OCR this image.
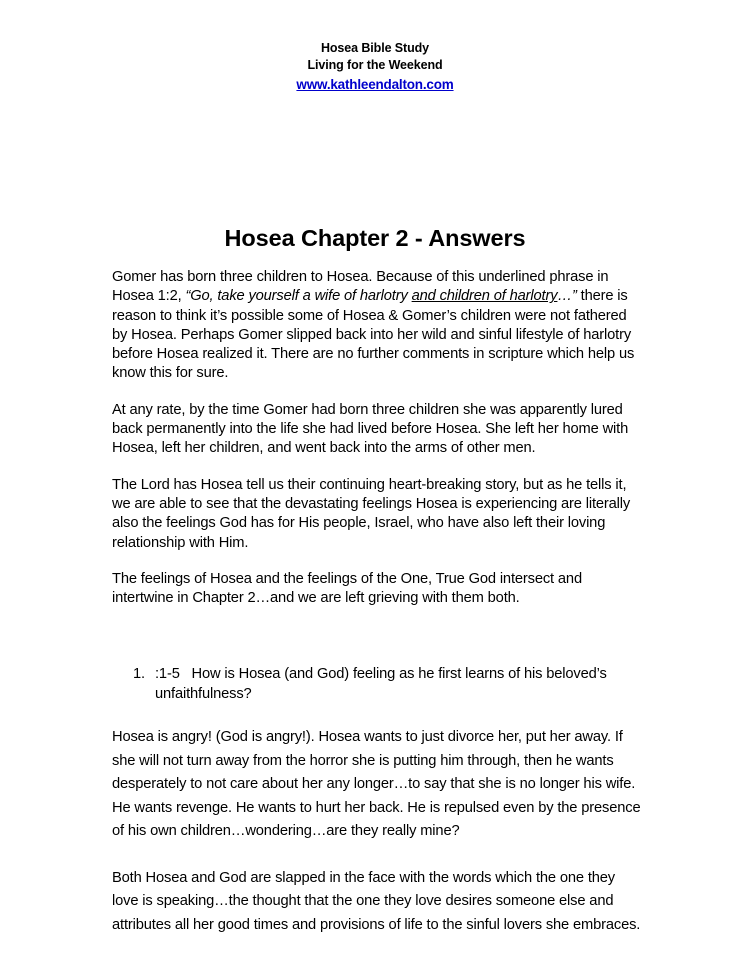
Hosea Bible Study
Living for the Weekend
www.kathleendalton.com
Hosea Chapter 2 - Answers

Gomer has born three children to Hosea. Because of this underlined phrase in Hosea 1:2, “Go, take yourself a wife of harlotry and children of harlotry…” there is reason to think it’s possible some of Hosea & Gomer’s children were not fathered by Hosea. Perhaps Gomer slipped back into her wild and sinful lifestyle of harlotry before Hosea realized it. There are no further comments in scripture which help us know this for sure.

At any rate, by the time Gomer had born three children she was apparently lured back permanently into the life she had lived before Hosea. She left her home with Hosea, left her children, and went back into the arms of other men.

The Lord has Hosea tell us their continuing heart-breaking story, but as he tells it, we are able to see that the devastating feelings Hosea is experiencing are literally also the feelings God has for His people, Israel, who have also left their loving relationship with Him.

The feelings of Hosea and the feelings of the One, True God intersect and intertwine in Chapter 2…and we are left grieving with them both.

1. :1-5 How is Hosea (and God) feeling as he first learns of his beloved’s unfaithfulness?

Hosea is angry! (God is angry!). Hosea wants to just divorce her, put her away. If she will not turn away from the horror she is putting him through, then he wants desperately to not care about her any longer…to say that she is no longer his wife. He wants revenge. He wants to hurt her back. He is repulsed even by the presence of his own children…wondering…are they really mine?

Both Hosea and God are slapped in the face with the words which the one they love is speaking…the thought that the one they love desires someone else and attributes all her good times and provisions of life to the sinful lovers she embraces.
